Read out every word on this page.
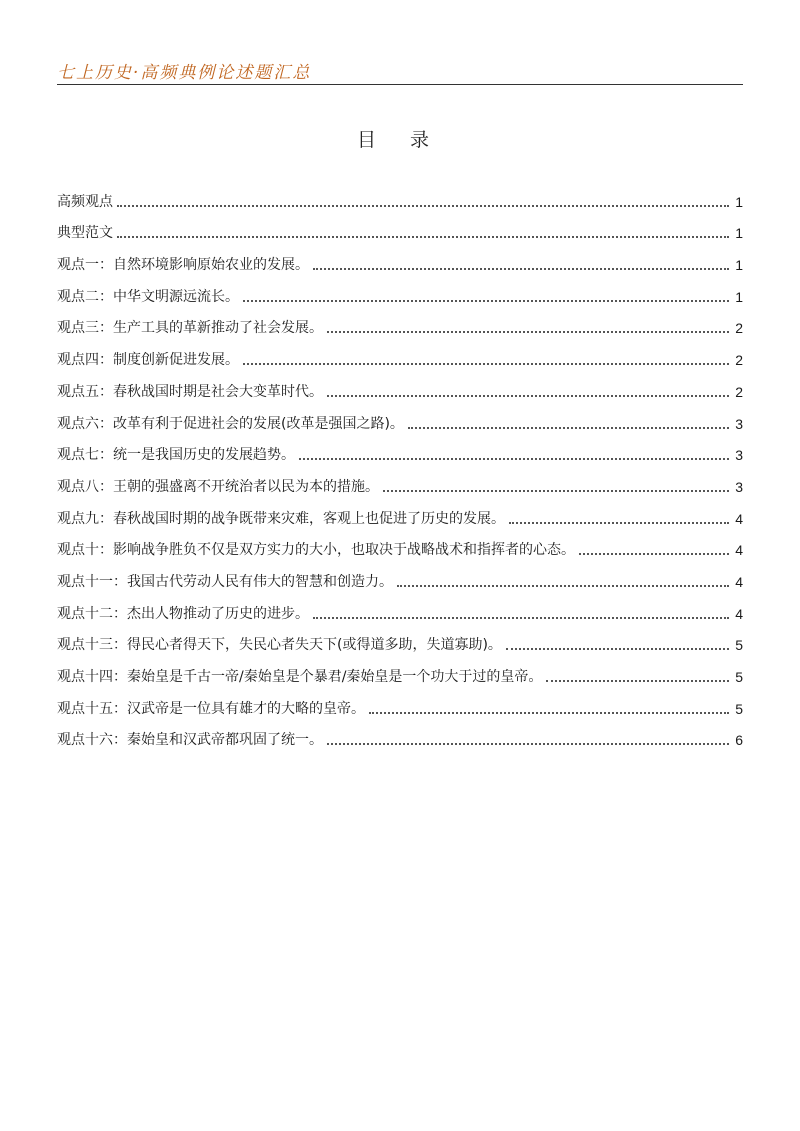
七上历史·高频典例论述题汇总
目 录
高频观点	1
典型范文	1
观点一：自然环境影响原始农业的发展。	1
观点二：中华文明源远流长。	1
观点三：生产工具的革新推动了社会发展。	2
观点四：制度创新促进发展。	2
观点五：春秋战国时期是社会大变革时代。	2
观点六：改革有利于促进社会的发展(改革是强国之路)。	3
观点七：统一是我国历史的发展趋势。	3
观点八：王朝的强盛离不开统治者以民为本的措施。	3
观点九：春秋战国时期的战争既带来灾难，客观上也促进了历史的发展。	4
观点十：影响战争胜负不仅是双方实力的大小，也取决于战略战术和指挥者的心态。	4
观点十一：我国古代劳动人民有伟大的智慧和创造力。	4
观点十二：杰出人物推动了历史的进步。	4
观点十三：得民心者得天下，失民心者失天下(或得道多助，失道寡助)。	5
观点十四：秦始皇是千古一帝/秦始皇是个暴君/秦始皇是一个功大于过的皇帝。	5
观点十五：汉武帝是一位具有雄才的大略的皇帝。	5
观点十六：秦始皇和汉武帝都巩固了统一。	6
